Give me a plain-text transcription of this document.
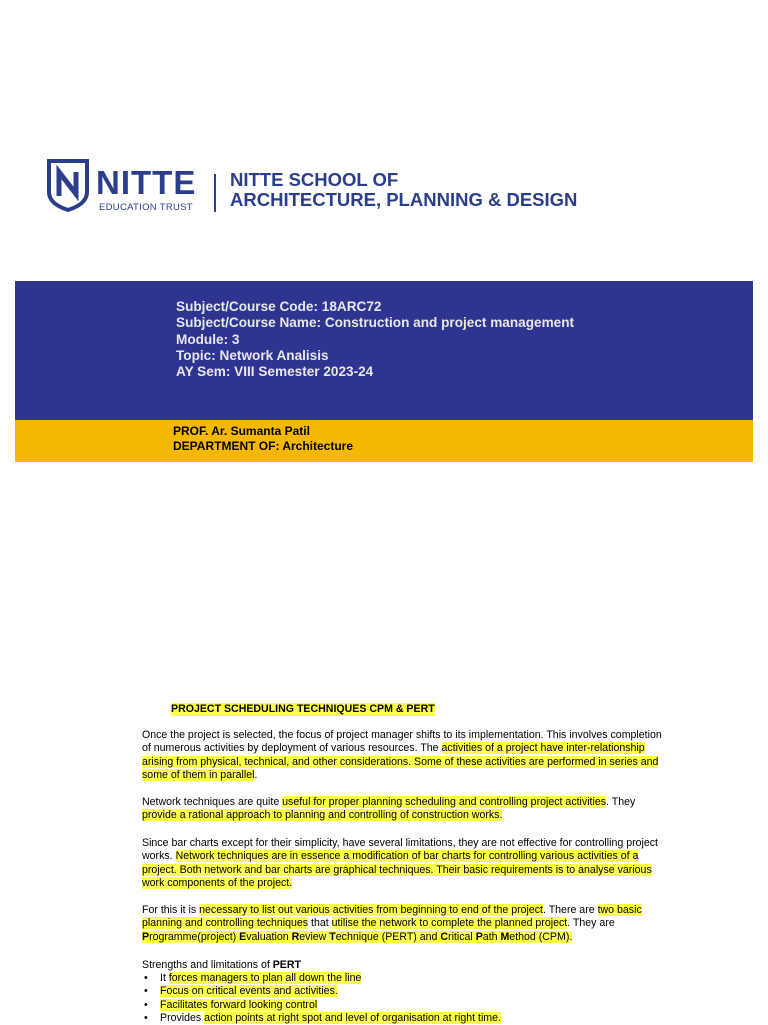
NITTE
EDUCATION TRUST
NITTE SCHOOL OF
ARCHITECTURE, PLANNING & DESIGN
Subject/Course Code: 18ARC72
Subject/Course Name: Construction and project management
Module: 3
Topic: Network Analisis
AY Sem: VIII Semester 2023-24
PROF. Ar. Sumanta Patil
DEPARTMENT OF: Architecture
PROJECT SCHEDULING TECHNIQUES CPM & PERT

Once the project is selected, the focus of project manager shifts to its implementation. This involves completion of numerous activities by deployment of various resources. The activities of a project have inter-relationship arising from physical, technical, and other considerations. Some of these activities are performed in series and some of them in parallel.

Network techniques are quite useful for proper planning scheduling and controlling project activities. They provide a rational approach to planning and controlling of construction works.

Since bar charts except for their simplicity, have several limitations, they are not effective for controlling project works. Network techniques are in essence a modification of bar charts for controlling various activities of a project. Both network and bar charts are graphical techniques. Their basic requirements is to analyse various work components of the project.

For this it is necessary to list out various activities from beginning to end of the project. There are two basic planning and controlling techniques that utilise the network to complete the planned project. They are Programme(project) Evaluation Review Technique (PERT) and Critical Path Method (CPM).

Strengths and limitations of PERT

• It forces managers to plan all down the line
• Focus on critical events and activities.
• Facilitates forward looking control
• Provides action points at right spot and level of organisation at right time.
